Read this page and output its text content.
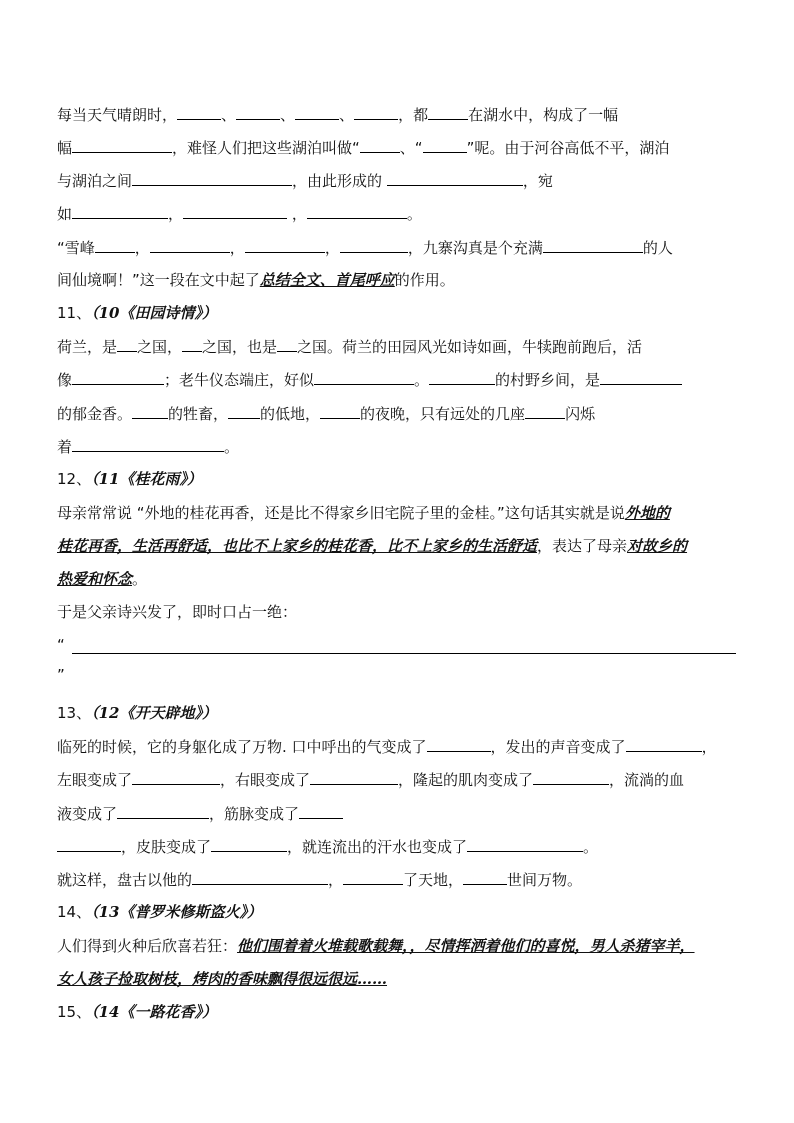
每当天气晴朗时，	、	、	、	，都	在湖水中，构成了一幅
幅	，难怪人们把这些湖泊叫做“	、“	”呢。由于河谷高低不平，湖泊
与湖泊之间	，由此形成的	，宛
如	，	，	。
“雪峰	，	，	，	，九寨沟真是个充满	的人
间仙境啊！”这一段在文中起了总结全文、首尾呼应的作用。
11、（10《田园诗情》）
荷兰，是 之国， 之国，也是 之国。荷兰的田园风光如诗如画，牛犊跑前跑后，活
像	；老牛仪态端庄，好似	。	的村野乡间，是
的郁金香。 的牲畜， 的低地，	的夜晚，只有远处的几座	闪烁
着	。
12、（11《桂花雨》）
母亲常常说 “外地的桂花再香，还是比不得家乡旧宅院子里的金桂。”这句话其实就是说外地的
桂花再香，生活再舒适，也比不上家乡的桂花香，比不上家乡的生活舒适，表达了母亲对故乡的
热爱和怀念。
于是父亲诗兴发了，即时口占一绝：
“
”
13、（12《开天辟地》）
临死的时候，它的身躯化成了万物. 口中呼出的气变成了	，发出的声音变成了	，
左眼变成了	，右眼变成了	，隆起的肌肉变成了	，流淌的血
液变成了	，筋脉变成了
，皮肤变成了	，就连流出的汗水也变成了	。
就这样，盘古以他的	，	了天地，	世间万物。
14、（13《普罗米修斯盗火》）
人们得到火种后欣喜若狂：他们围着着火堆载歌载舞，，尽情挥洒着他们的喜悦，男人杀猪宰羊，
女人孩子捡取树枝，烤肉的香味飘得很远很远……
15、（14《一路花香》）
